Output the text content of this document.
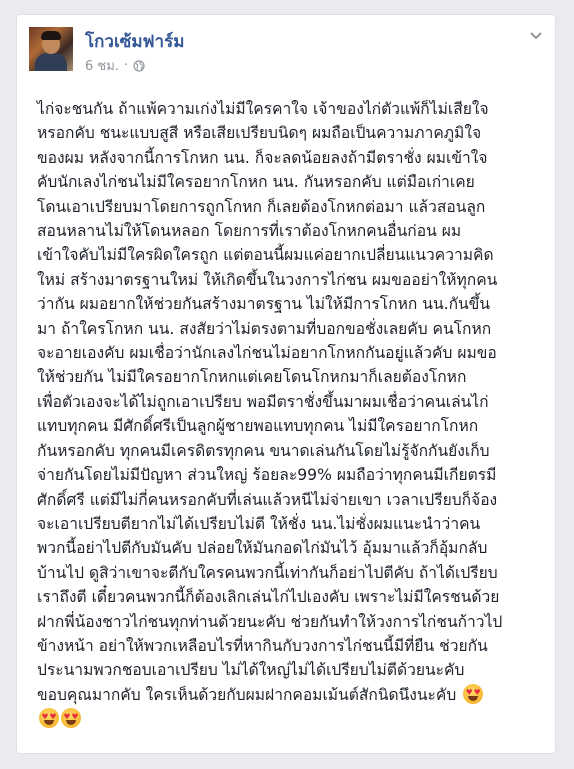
โกวเซ้มฟาร์ม
6 ชม. ·
ไก่จะชนกัน ถ้าแพ้ความเก่งไม่มีใครคาใจ เจ้าของไก่ตัวแพ้ก็ไม่เสียใจ
หรอกคับ ชนะแบบสูสี หรือเสียเปรียบนิดๆ ผมถือเป็นความภาคภูมิใจ
ของผม หลังจากนี้การโกหก นน. ก็จะลดน้อยลงถ้ามีตราชั่ง ผมเข้าใจ
คับนักเลงไก่ชนไม่มีใครอยากโกหก นน. กันหรอกคับ แต่มือเก่าเคย
โดนเอาเปรียบมาโดยการถูกโกหก ก็เลยต้องโกหกต่อมา แล้วสอนลูก
สอนหลานไม่ให้โดนหลอก โดยการที่เราต้องโกหกคนอื่นก่อน ผม
เข้าใจคับไม่มีใครผิดใครถูก แต่ตอนนี้ผมแค่อยากเปลี่ยนแนวความคิด
ใหม่ สร้างมาตรฐานใหม่ ให้เกิดขึ้นในวงการไก่ชน ผมขออย่าให้ทุกคน
ว่ากัน ผมอยากให้ช่วยกันสร้างมาตรฐาน ไม่ให้มีการโกหก นน.กันขึ้น
มา ถ้าใครโกหก นน. สงสัยว่าไม่ตรงตามที่บอกขอชั่งเลยคับ คนโกหก
จะอายเองคับ ผมเชื่อว่านักเลงไก่ชนไม่อยากโกหกกันอยู่แล้วคับ ผมขอ
ให้ช่วยกัน ไม่มีใครอยากโกหกแต่เคยโดนโกหกมาก็เลยต้องโกหก
เพื่อตัวเองจะได้ไม่ถูกเอาเปรียบ พอมีตราชั่งขึ้นมาผมเชื่อว่าคนเล่นไก่
แทบทุกคน มีศักดิ์ศรีเป็นลูกผู้ชายพอแทบทุกคน ไม่มีใครอยากโกหก
กันหรอกคับ ทุกคนมีเครดิตรทุกคน ขนาดเล่นกันโดยไม่รู้จักกันยังเก็บ
จ่ายกันโดยไม่มีปัญหา ส่วนใหญ่ ร้อยละ99% ผมถือว่าทุกคนมีเกียตรมี
ศักดิ์ศรี แต่มีไม่กี่คนหรอกคับที่เล่นแล้วหนีไม่จ่ายเขา เวลาเปรียบก็จ้อง
จะเอาเปรียบตียากไม่ได้เปรียบไม่ตี ให้ชั่ง นน.ไม่ชั่งผมแนะนำว่าคน
พวกนี้อย่าไปตีกับมันคับ ปล่อยให้มันกอดไก่มันไว้ อุ้มมาแล้วก็อุ้มกลับ
บ้านไป ดูสิว่าเขาจะตีกับใครคนพวกนี้เท่ากันก็อย่าไปตีคับ ถ้าได้เปรียบ
เราถึงตี เดี๋ยวคนพวกนี้ก็ต้องเลิกเล่นไก่ไปเองคับ เพราะไม่มีใครชนด้วย
ฝากพี่น้องชาวไก่ชนทุกท่านด้วยนะคับ ช่วยกันทำให้วงการไก่ชนก้าวไป
ข้างหน้า อย่าให้พวกเหลือบไรที่หากินกับวงการไก่ชนนี้มีที่ยืน ช่วยกัน
ประนามพวกชอบเอาเปรียบ ไม่ได้ใหญ่ไม่ได้เปรียบไม่ตีด้วยนะคับ
ขอบคุณมากคับ ใครเห็นด้วยกับผมฝากคอมเม้นต์สักนิดนึงนะคับ
